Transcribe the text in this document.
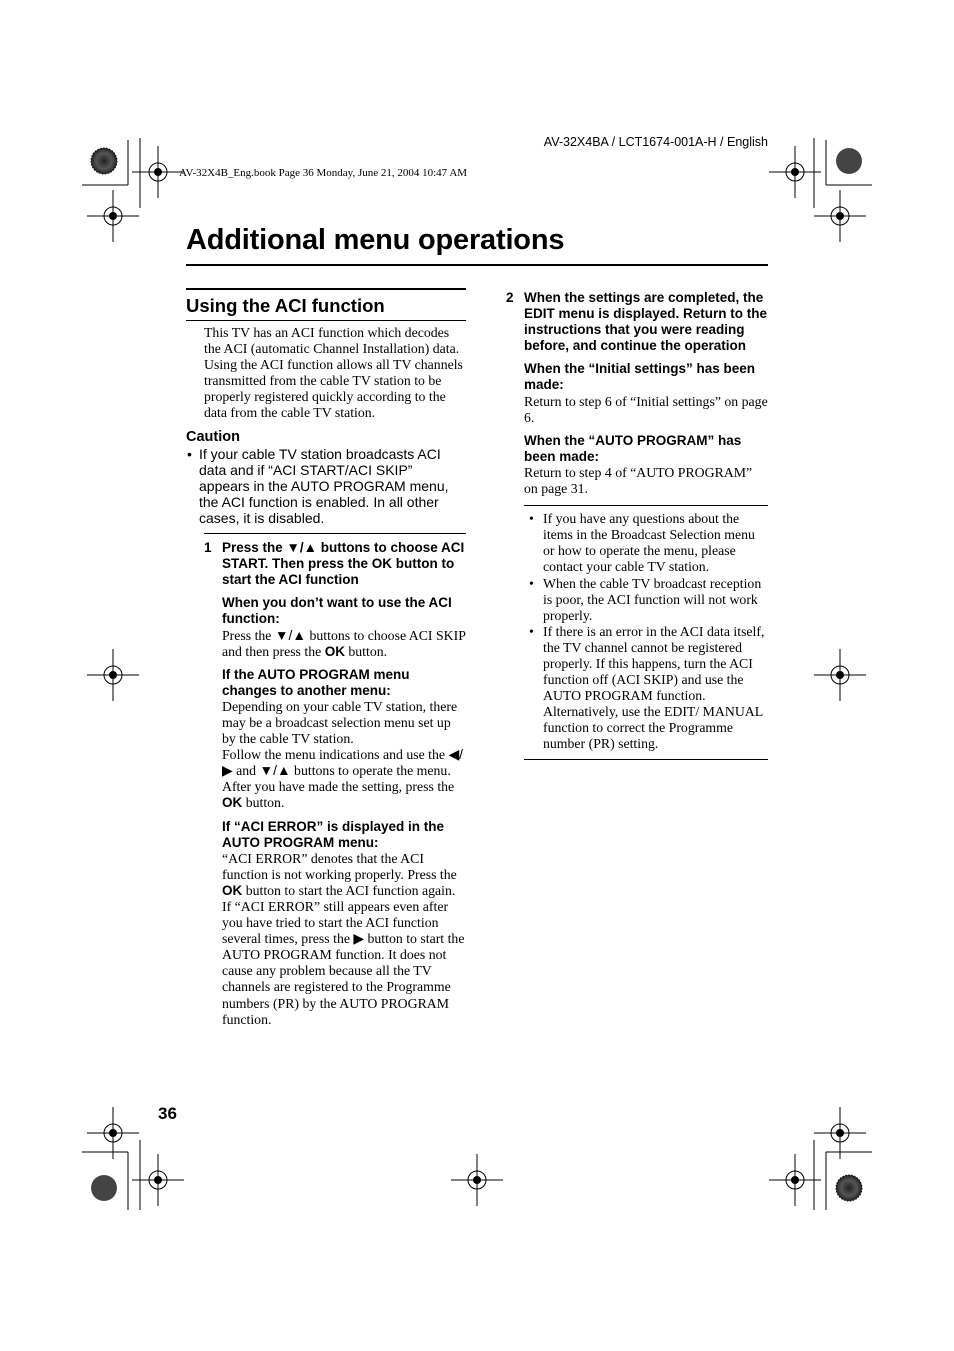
AV-32X4BA / LCT1674-001A-H / English
AV-32X4B_Eng.book Page 36 Monday, June 21, 2004 10:47 AM
Additional menu operations
Using the ACI function

This TV has an ACI function which decodes the ACI (automatic Channel Installation) data.

Using the ACI function allows all TV channels transmitted from the cable TV station to be properly registered quickly according to the data from the cable TV station.

Caution
• If your cable TV station broadcasts ACI data and if “ACI START/ACI SKIP” appears in the AUTO PROGRAM menu, the ACI function is enabled. In all other cases, it is disabled.
1 Press the ▼/▲ buttons to choose ACI START. Then press the OK button to start the ACI function
When you don’t want to use the ACI function:
Press the ▼/▲ buttons to choose ACI SKIP and then press the OK button.
If the AUTO PROGRAM menu changes to another menu:

Depending on your cable TV station, there may be a broadcast selection menu set up by the cable TV station.

Follow the menu indications and use the ◀/▶ and ▼/▲ buttons to operate the menu. After you have made the setting, press the OK button.

If “ACI ERROR” is displayed in the AUTO PROGRAM menu:

“ACI ERROR” denotes that the ACI function is not working properly. Press the OK button to start the ACI function again.

If “ACI ERROR” still appears even after you have tried to start the ACI function several times, press the ▶ button to start the AUTO PROGRAM function. It does not cause any problem because all the TV channels are registered to the Programme numbers (PR) by the AUTO PROGRAM function.

2 When the settings are completed, the EDIT menu is displayed. Return to the instructions that you were reading before, and continue the operation
When the “Initial settings” has been made:
Return to step 6 of “Initial settings” on page 6.
When the “AUTO PROGRAM” has been made:
Return to step 4 of “AUTO PROGRAM” on page 31.
• If you have any questions about the items in the Broadcast Selection menu or how to operate the menu, please contact your cable TV station.
• When the cable TV broadcast reception is poor, the ACI function will not work properly.
• If there is an error in the ACI data itself, the TV channel cannot be registered properly. If this happens, turn the ACI function off (ACI SKIP) and use the AUTO PROGRAM function. Alternatively, use the EDIT/ MANUAL function to correct the Programme number (PR) setting.
36
